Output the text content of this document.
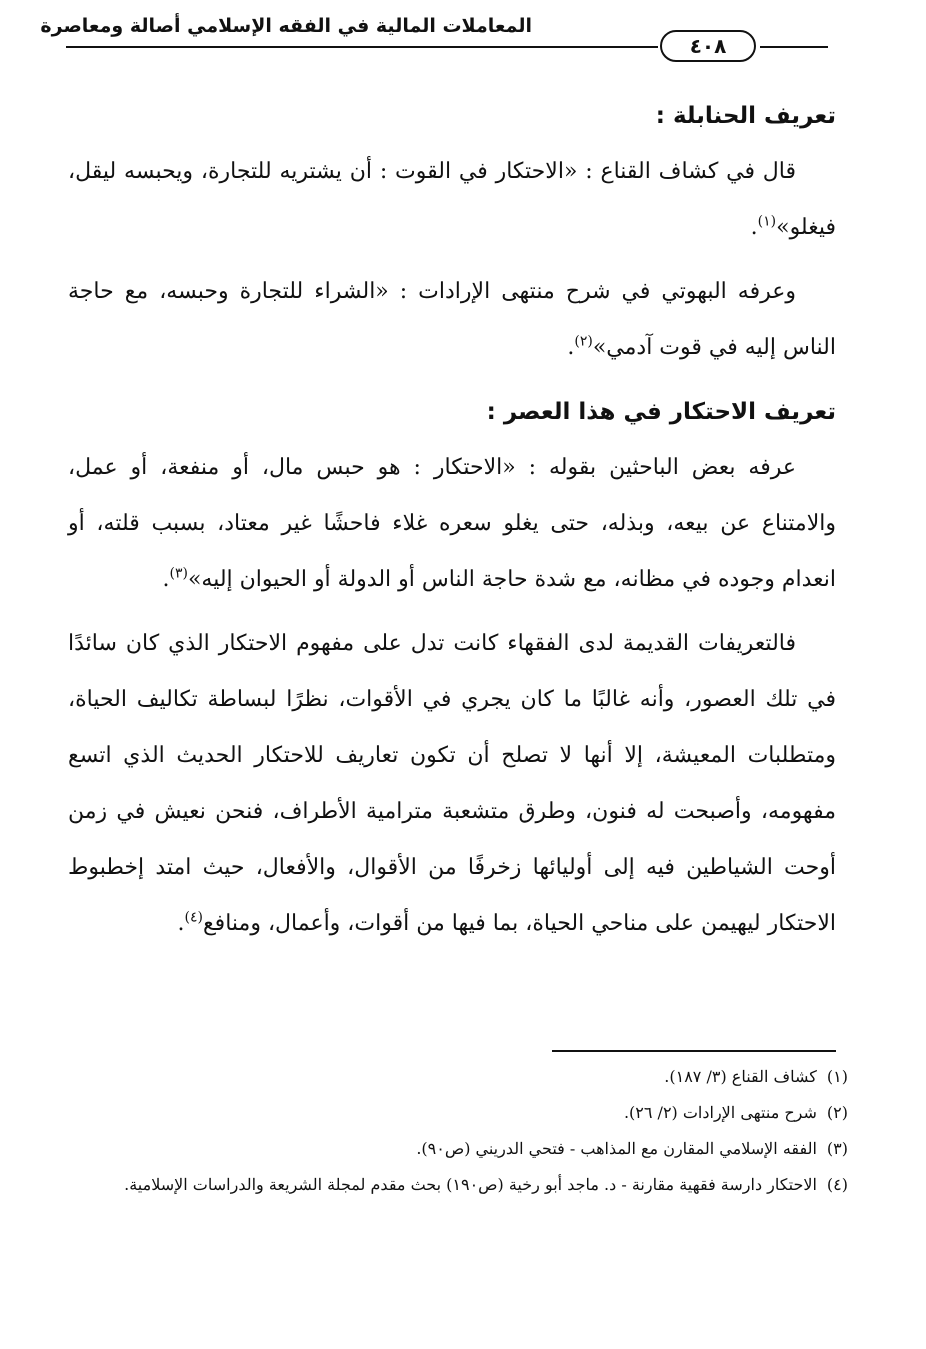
المعاملات المالية في الفقه الإسلامي أصالة ومعاصرة
٤٠٨
تعريف الحنابلة :

قال في كشاف القناع : «الاحتكار في القوت : أن يشتريه للتجارة، ويحبسه ليقل، فيغلو»$^{(١)}$.

وعرفه البهوتي في شرح منتهى الإرادات : «الشراء للتجارة وحبسه، مع حاجة الناس إليه في قوت آدمي»$^{(٢)}$.

تعريف الاحتكار في هذا العصر :

عرفه بعض الباحثين بقوله : «الاحتكار : هو حبس مال، أو منفعة، أو عمل، والامتناع عن بيعه، وبذله، حتى يغلو سعره غلاء فاحشًا غير معتاد، بسبب قلته، أو انعدام وجوده في مظانه، مع شدة حاجة الناس أو الدولة أو الحيوان إليه»$^{(٣)}$.

فالتعريفات القديمة لدى الفقهاء كانت تدل على مفهوم الاحتكار الذي كان سائدًا في تلك العصور، وأنه غالبًا ما كان يجري في الأقوات، نظرًا لبساطة تكاليف الحياة، ومتطلبات المعيشة، إلا أنها لا تصلح أن تكون تعاريف للاحتكار الحديث الذي اتسع مفهومه، وأصبحت له فنون، وطرق متشعبة مترامية الأطراف، فنحن نعيش في زمن أوحت الشياطين فيه إلى أوليائها زخرفًا من الأقوال، والأفعال، حيث امتد إخطبوط الاحتكار ليهيمن على مناحي الحياة، بما فيها من أقوات، وأعمال، ومنافع$^{(٤)}$.

(١)
كشاف القناع (٣/ ١٨٧).
(٢)
شرح منتهى الإرادات (٢/ ٢٦).
(٣)
الفقه الإسلامي المقارن مع المذاهب - فتحي الدريني (ص٩٠).
(٤)
الاحتكار دارسة فقهية مقارنة - د. ماجد أبو رخية (ص١٩٠) بحث مقدم لمجلة الشريعة والدراسات الإسلامية.
